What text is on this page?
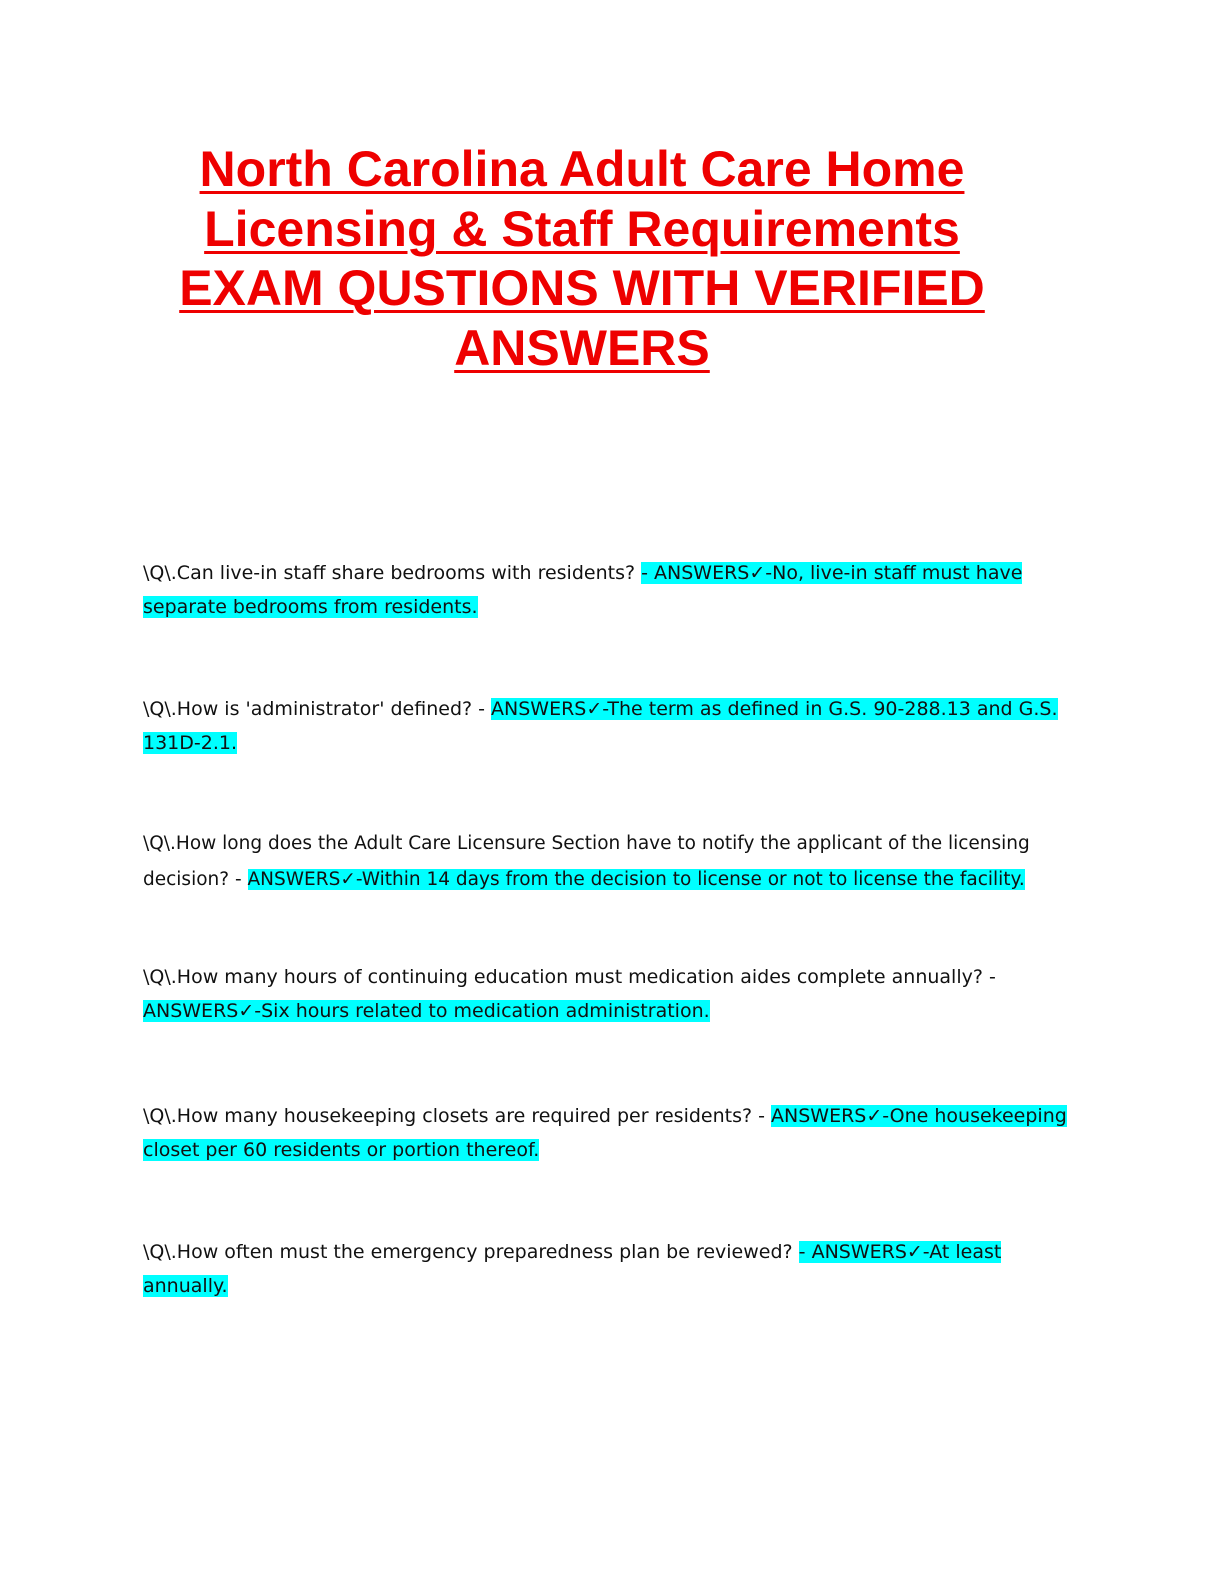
North Carolina Adult Care Home
Licensing & Staff Requirements
EXAM QUSTIONS WITH VERIFIED
ANSWERS

\Q\.Can live-in staff share bedrooms with residents? - ANSWERS✓-No, live-in staff must have separate bedrooms from residents.

\Q\.How is 'administrator' defined? - ANSWERS✓-The term as defined in G.S. 90-288.13 and G.S. 131D-2.1.

\Q\.How long does the Adult Care Licensure Section have to notify the applicant of the licensing decision? - ANSWERS✓-Within 14 days from the decision to license or not to license the facility.

\Q\.How many hours of continuing education must medication aides complete annually? - ANSWERS✓-Six hours related to medication administration.

\Q\.How many housekeeping closets are required per residents? - ANSWERS✓-One housekeeping closet per 60 residents or portion thereof.

\Q\.How often must the emergency preparedness plan be reviewed? - ANSWERS✓-At least annually.
